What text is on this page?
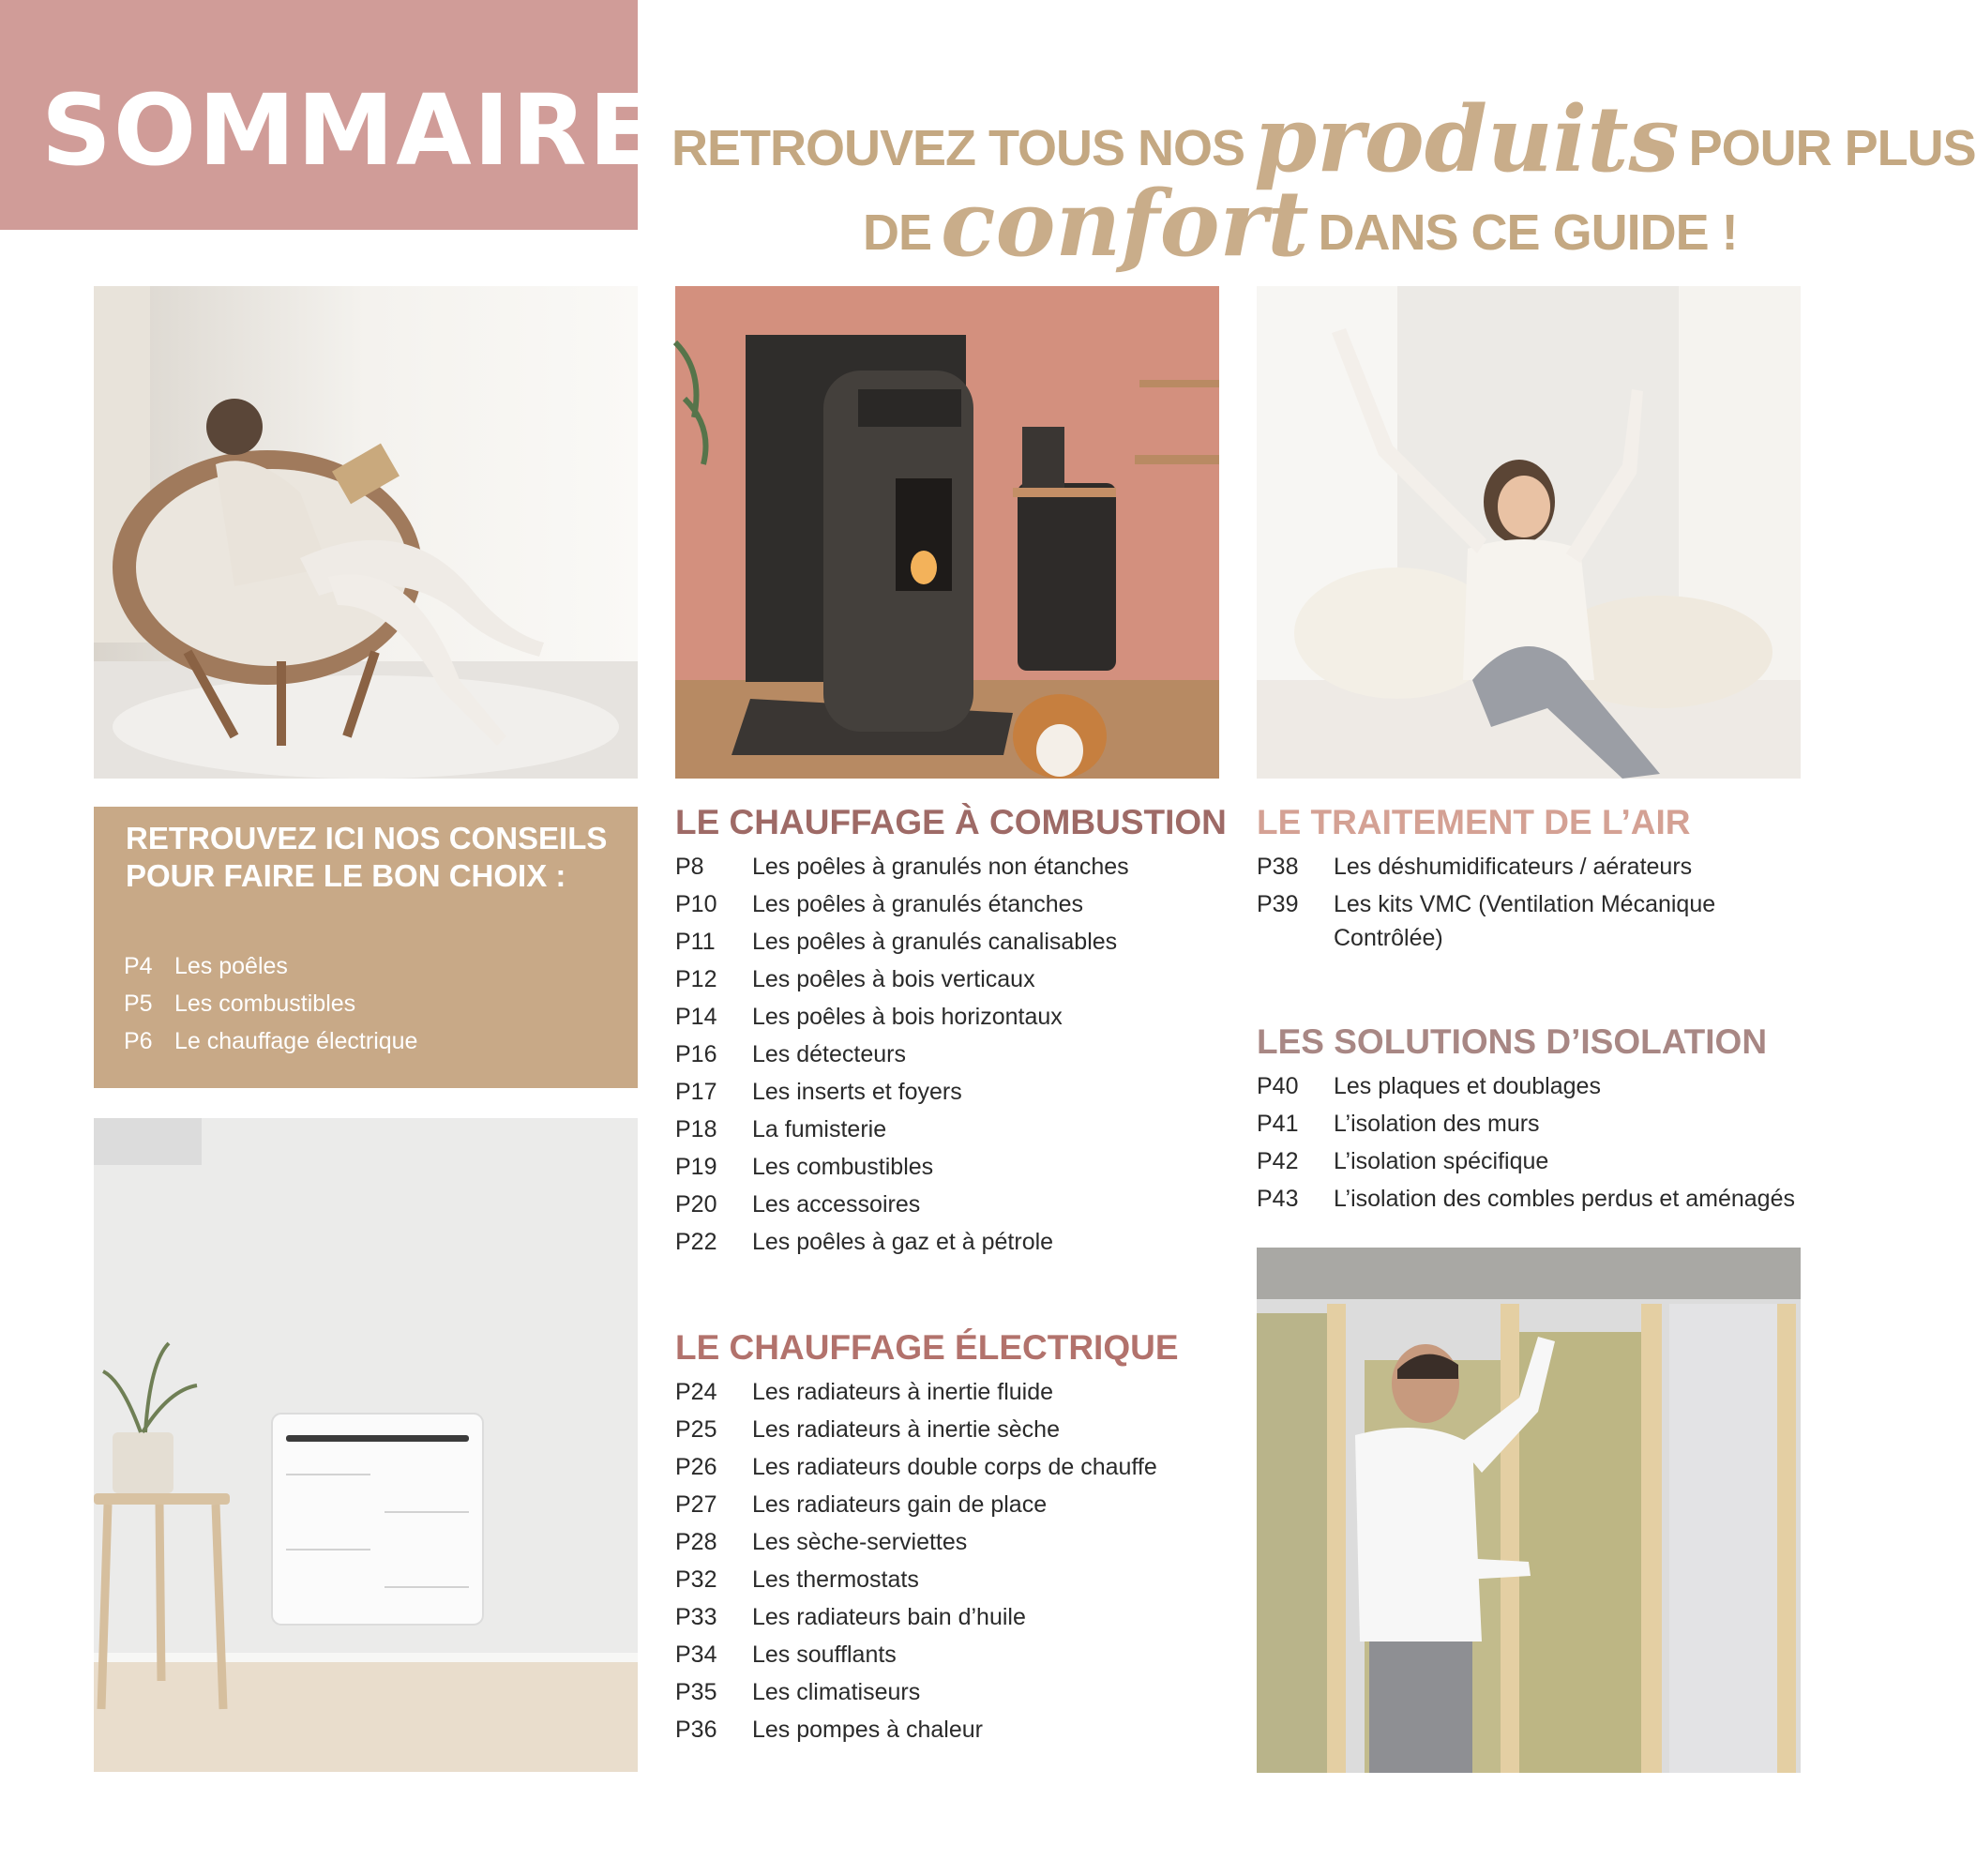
SOMMAIRE RETROUVEZ TOUS NOS produits POUR PLUS
DE confort DANS CE GUIDE !
RETROUVEZ ICI NOS CONSEILS POUR FAIRE LE BON CHOIX :
P4 Les poêles
P5 Les combustibles
P6 Le chauffage électrique
LE CHAUFFAGE À COMBUSTION
P8	Les poêles à granulés non étanches
P10	Les poêles à granulés étanches
P11	Les poêles à granulés canalisables
P12	Les poêles à bois verticaux
P14	Les poêles à bois horizontaux
P16	Les détecteurs
P17	Les inserts et foyers
P18	La fumisterie
P19	Les combustibles
P20	Les accessoires
P22	Les poêles à gaz et à pétrole
LE CHAUFFAGE ÉLECTRIQUE
P24	Les radiateurs à inertie fluide
P25	Les radiateurs à inertie sèche
P26	Les radiateurs double corps de chauffe
P27	Les radiateurs gain de place
P28	Les sèche-serviettes
P32	Les thermostats
P33	Les radiateurs bain d’huile
P34	Les soufflants
P35	Les climatiseurs
P36	Les pompes à chaleur
LE TRAITEMENT DE L’AIR
P38	Les déshumidificateurs / aérateurs
P39	Les kits VMC (Ventilation Mécanique Contrôlée)
LES SOLUTIONS D’ISOLATION
P40	Les plaques et doublages
P41	L’isolation des murs
P42	L’isolation spécifique
P43	L’isolation des combles perdus et aménagés
